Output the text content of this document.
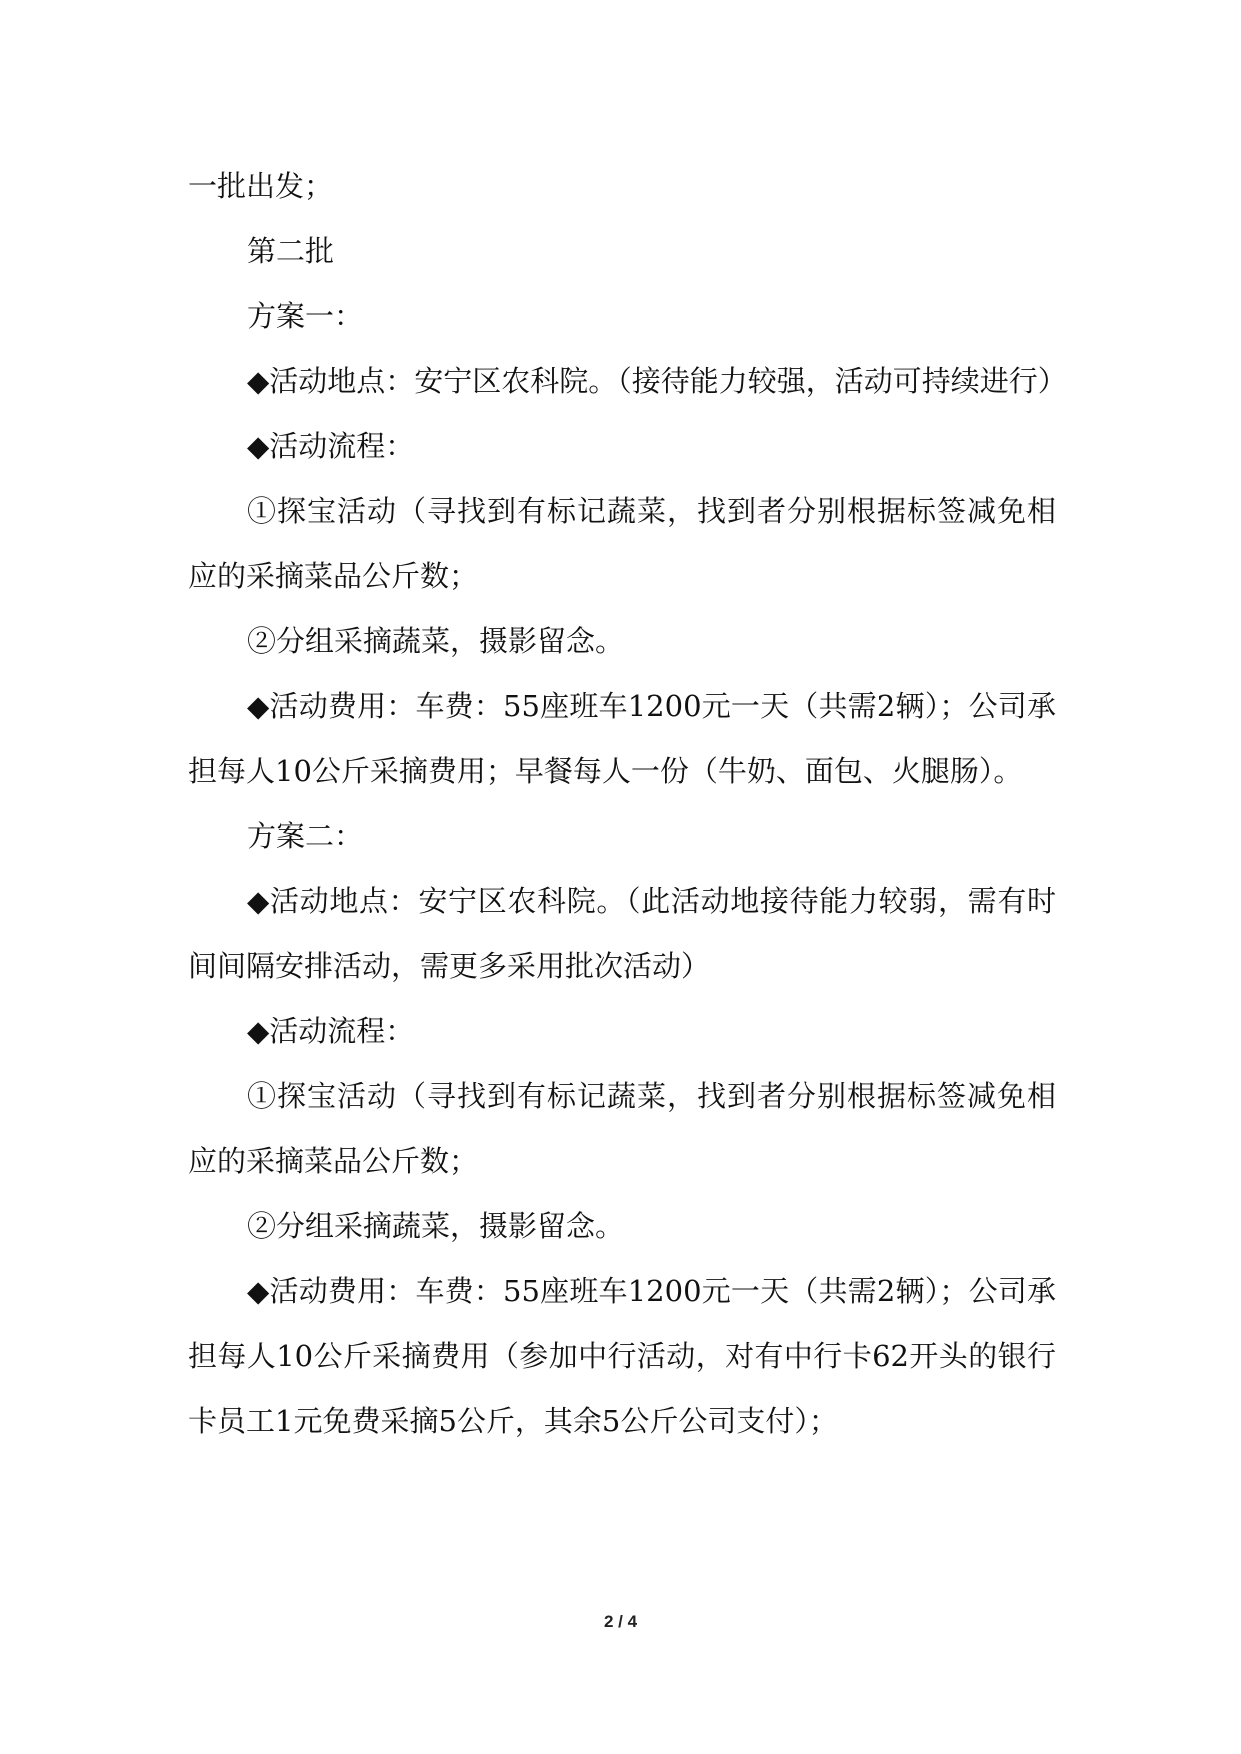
一批出发；

第二批

方案一：

◆活动地点：安宁区农科院。（接待能力较强，活动可持续进行）

◆活动流程：

①探宝活动（寻找到有标记蔬菜，找到者分别根据标签减免相应的采摘菜品公斤数；

②分组采摘蔬菜，摄影留念。

◆活动费用：车费：55座班车1200元一天（共需2辆）；公司承担每人10公斤采摘费用；早餐每人一份（牛奶、面包、火腿肠）。

方案二：

◆活动地点：安宁区农科院。（此活动地接待能力较弱，需有时间间隔安排活动，需更多采用批次活动）

◆活动流程：

①探宝活动（寻找到有标记蔬菜，找到者分别根据标签减免相应的采摘菜品公斤数；

②分组采摘蔬菜，摄影留念。

◆活动费用：车费：55座班车1200元一天（共需2辆）；公司承担每人10公斤采摘费用（参加中行活动，对有中行卡62开头的银行卡员工1元免费采摘5公斤，其余5公斤公司支付）；

2 / 4
